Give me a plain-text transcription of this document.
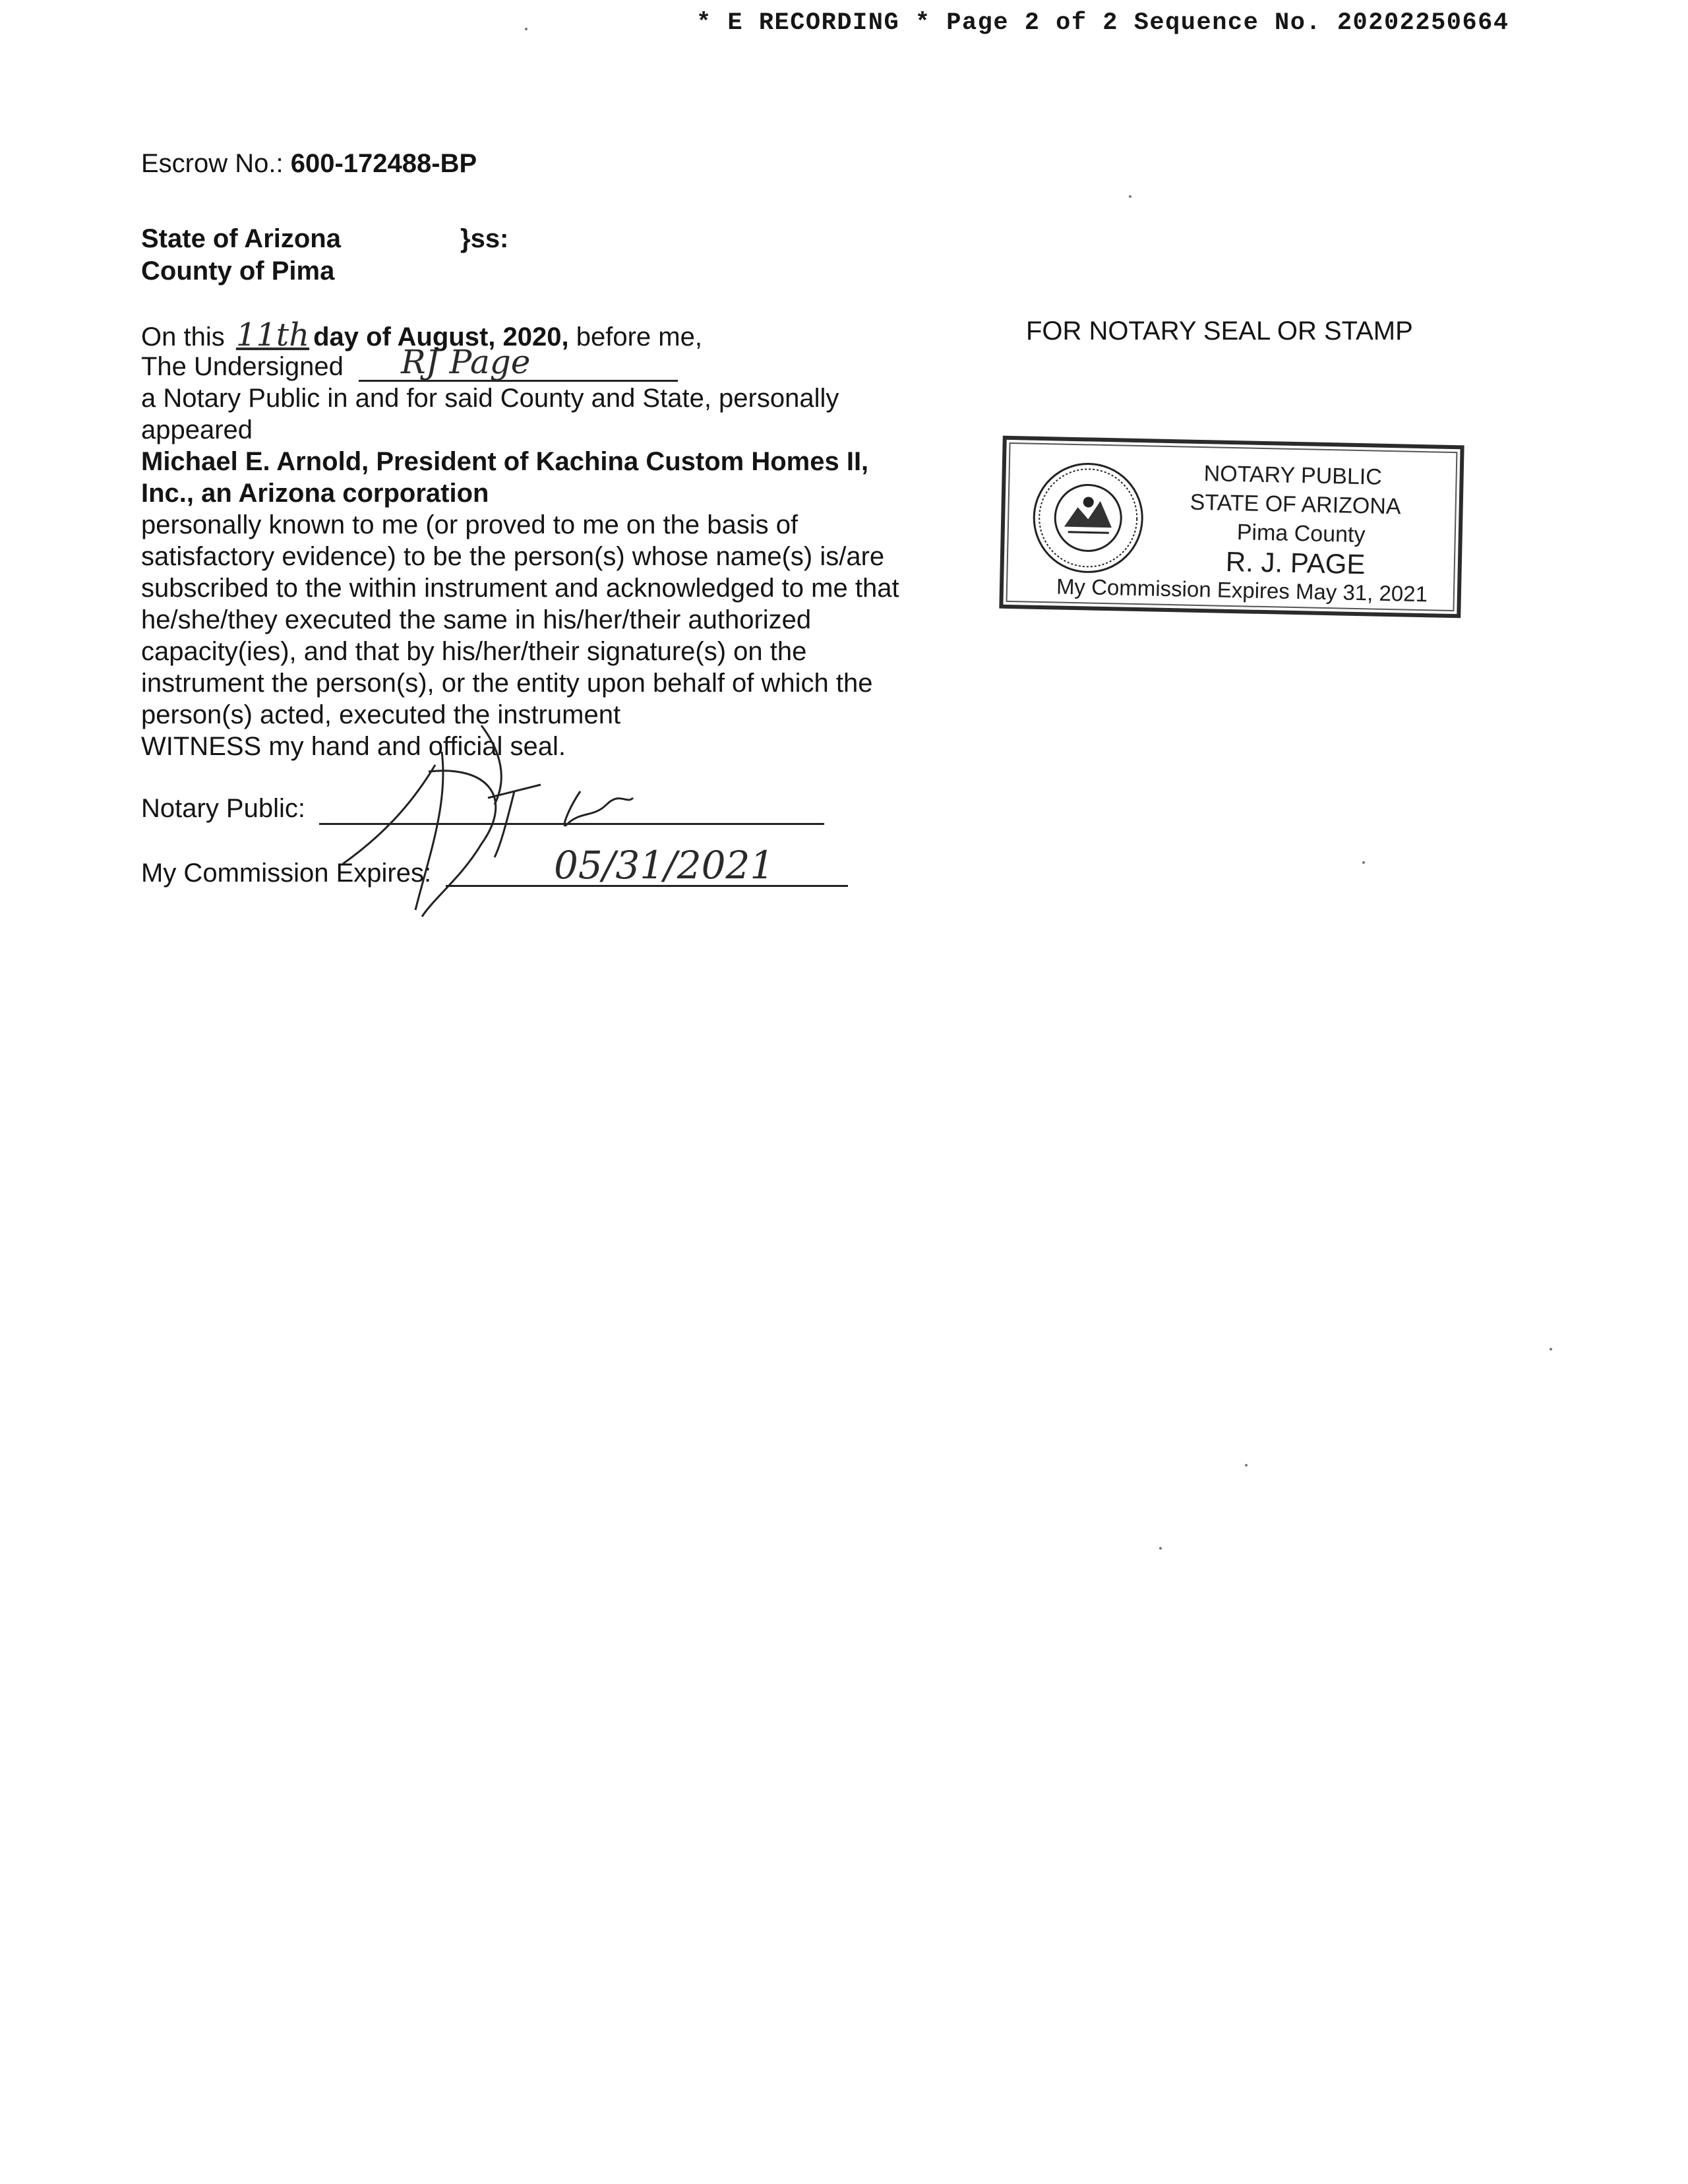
* E RECORDING * Page 2 of 2 Sequence No. 20202250664
Escrow No.: 600-172488-BP
State of Arizona	}ss:
County of Pima
On this 11th day of August, 2020, before me,
The Undersigned RJ Page
a Notary Public in and for said County and State, personally
appeared
Michael E. Arnold, President of Kachina Custom Homes II,
Inc., an Arizona corporation
personally known to me (or proved to me on the basis of
satisfactory evidence) to be the person(s) whose name(s) is/are
subscribed to the within instrument and acknowledged to me that
he/she/they executed the same in his/her/their authorized
capacity(ies), and that by his/her/their signature(s) on the
instrument the person(s), or the entity upon behalf of which the
person(s) acted, executed the instrument
WITNESS my hand and official seal.
Notary Public:
My Commission Expires:	05/31/2021
FOR NOTARY SEAL OR STAMP
NOTARY PUBLIC
STATE OF ARIZONA
Pima County
R. J. PAGE
My Commission Expires May 31, 2021
